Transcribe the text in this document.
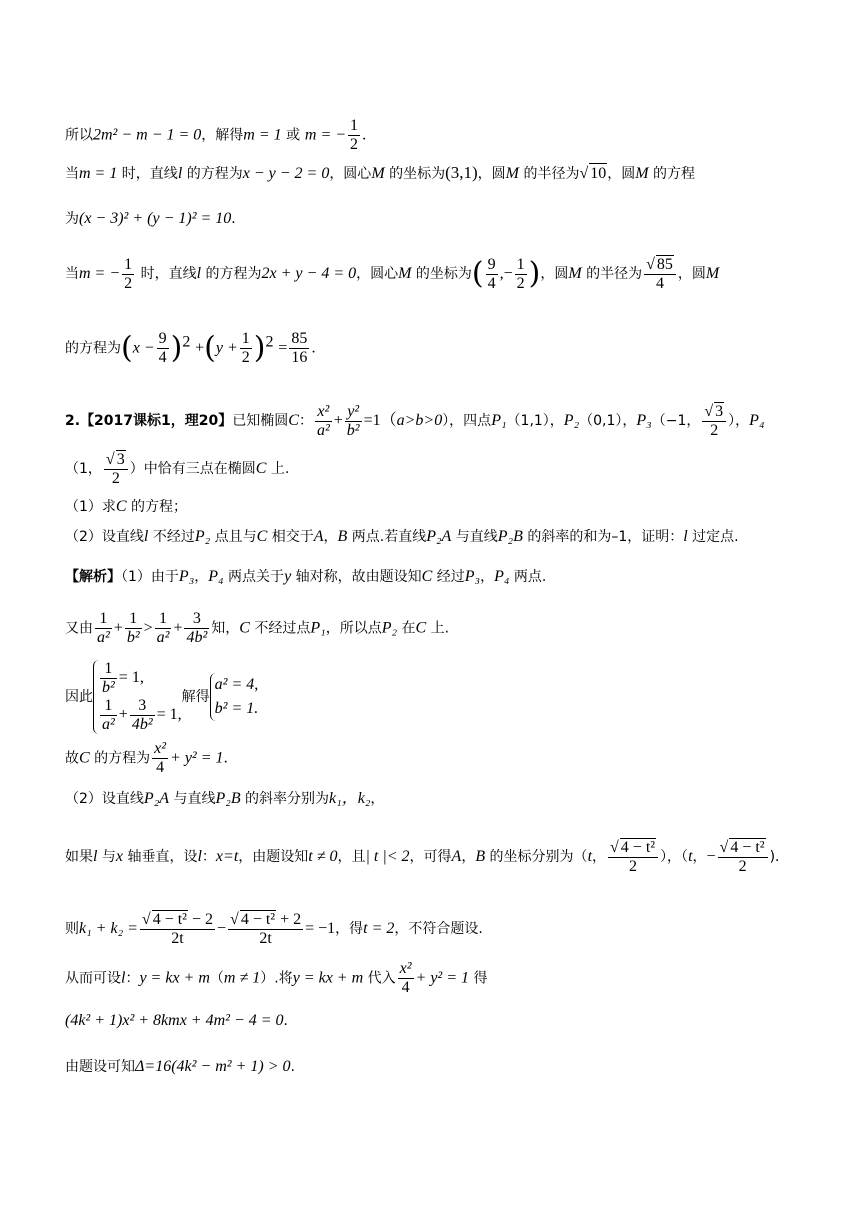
所以2m² − m − 1 = 0，解得m = 1 或 m = − $\frac{1}{2}$ ．
当m = 1 时，直线l 的方程为x − y − 2 = 0，圆心M 的坐标为(3,1)，圆M 的半径为√ 10，圆M 的方程
为(x − 3)² + (y − 1)² = 10．
当m = − $\frac{1}{2}$ 时，直线l 的方程为2x + y − 4 = 0，圆心M 的坐标为( $\frac{9}{4}$ ,− $\frac{1}{2}$ )，圆M 的半径为 $\frac{√ 85}{4}$ ，圆M
的方程为$(x - \frac{9}{4} )^2 +(y + \frac{1}{2} )^2 = \frac{85}{16}$ ．
2.【2017课标1，理20】已知椭圆C： $\frac{\text{x²}}{\text{a²}} + \frac{\text{y²}}{\text{b²}} =1(a>b>0)$，四点P₁（1,1），P₂（0,1），P₃（−1， $\frac{√ 3}{2}$ ），P₄
（1， $\frac{√ 3}{2}$ ）中恰有三点在椭圆C 上.
（1）求C 的方程；
（2）设直线l 不经过P₂ 点且与C 相交于A，B 两点.若直线P₂A 与直线P₂B 的斜率的和为–1，证明：l 过定点.
【解析】（1）由于P₃，P₄ 两点关于y 轴对称，故由题设知C 经过P₃，P₄ 两点.
又由 $\frac{1}{\text{a²}} + \frac{1}{\text{b²}} > \frac{1}{\text{a²}} + \frac{3}{\text{4b²}}$ 知，C 不经过点P₁，所以点P₂ 在C 上.
因此 $\frac{1}{\text{b²}} = 1$,
$\frac{1}{\text{a²}} + \frac{3}{\text{4b²}} = 1$,
解得
a² = 4,
b² = 1.
故C 的方程为 $\frac{\text{x²}}{4} + y^2 = 1$．
（2）设直线P₂A 与直线P₂B 的斜率分别为k₁，k₂，
如果l 与x 轴垂直，设l：x=t，由题设知t ≠ 0，且| t |< 2，可得A，B 的坐标分别为（t， $\frac{\text{√ 4 − t²}}{2}$ ），（t，− $\frac{\text{√ 4 − t²}}{2}$ )．
则$k_1 + k_2 = \frac{\text{√ 4 − t² − 2}}{2t} - \frac{\text{√ 4 − t² + 2}}{2t} = -1$，得t = 2，不符合题设.
从而可设l：y = kx + m（m ≠ 1）.将y = kx + m 代入 $\frac{\text{x²}}{4} + y^2 = 1$ 得
(4k² + 1)x² + 8kmx + 4m² − 4 = 0．
由题设可知Δ=16(4k² − m² + 1) > 0.
